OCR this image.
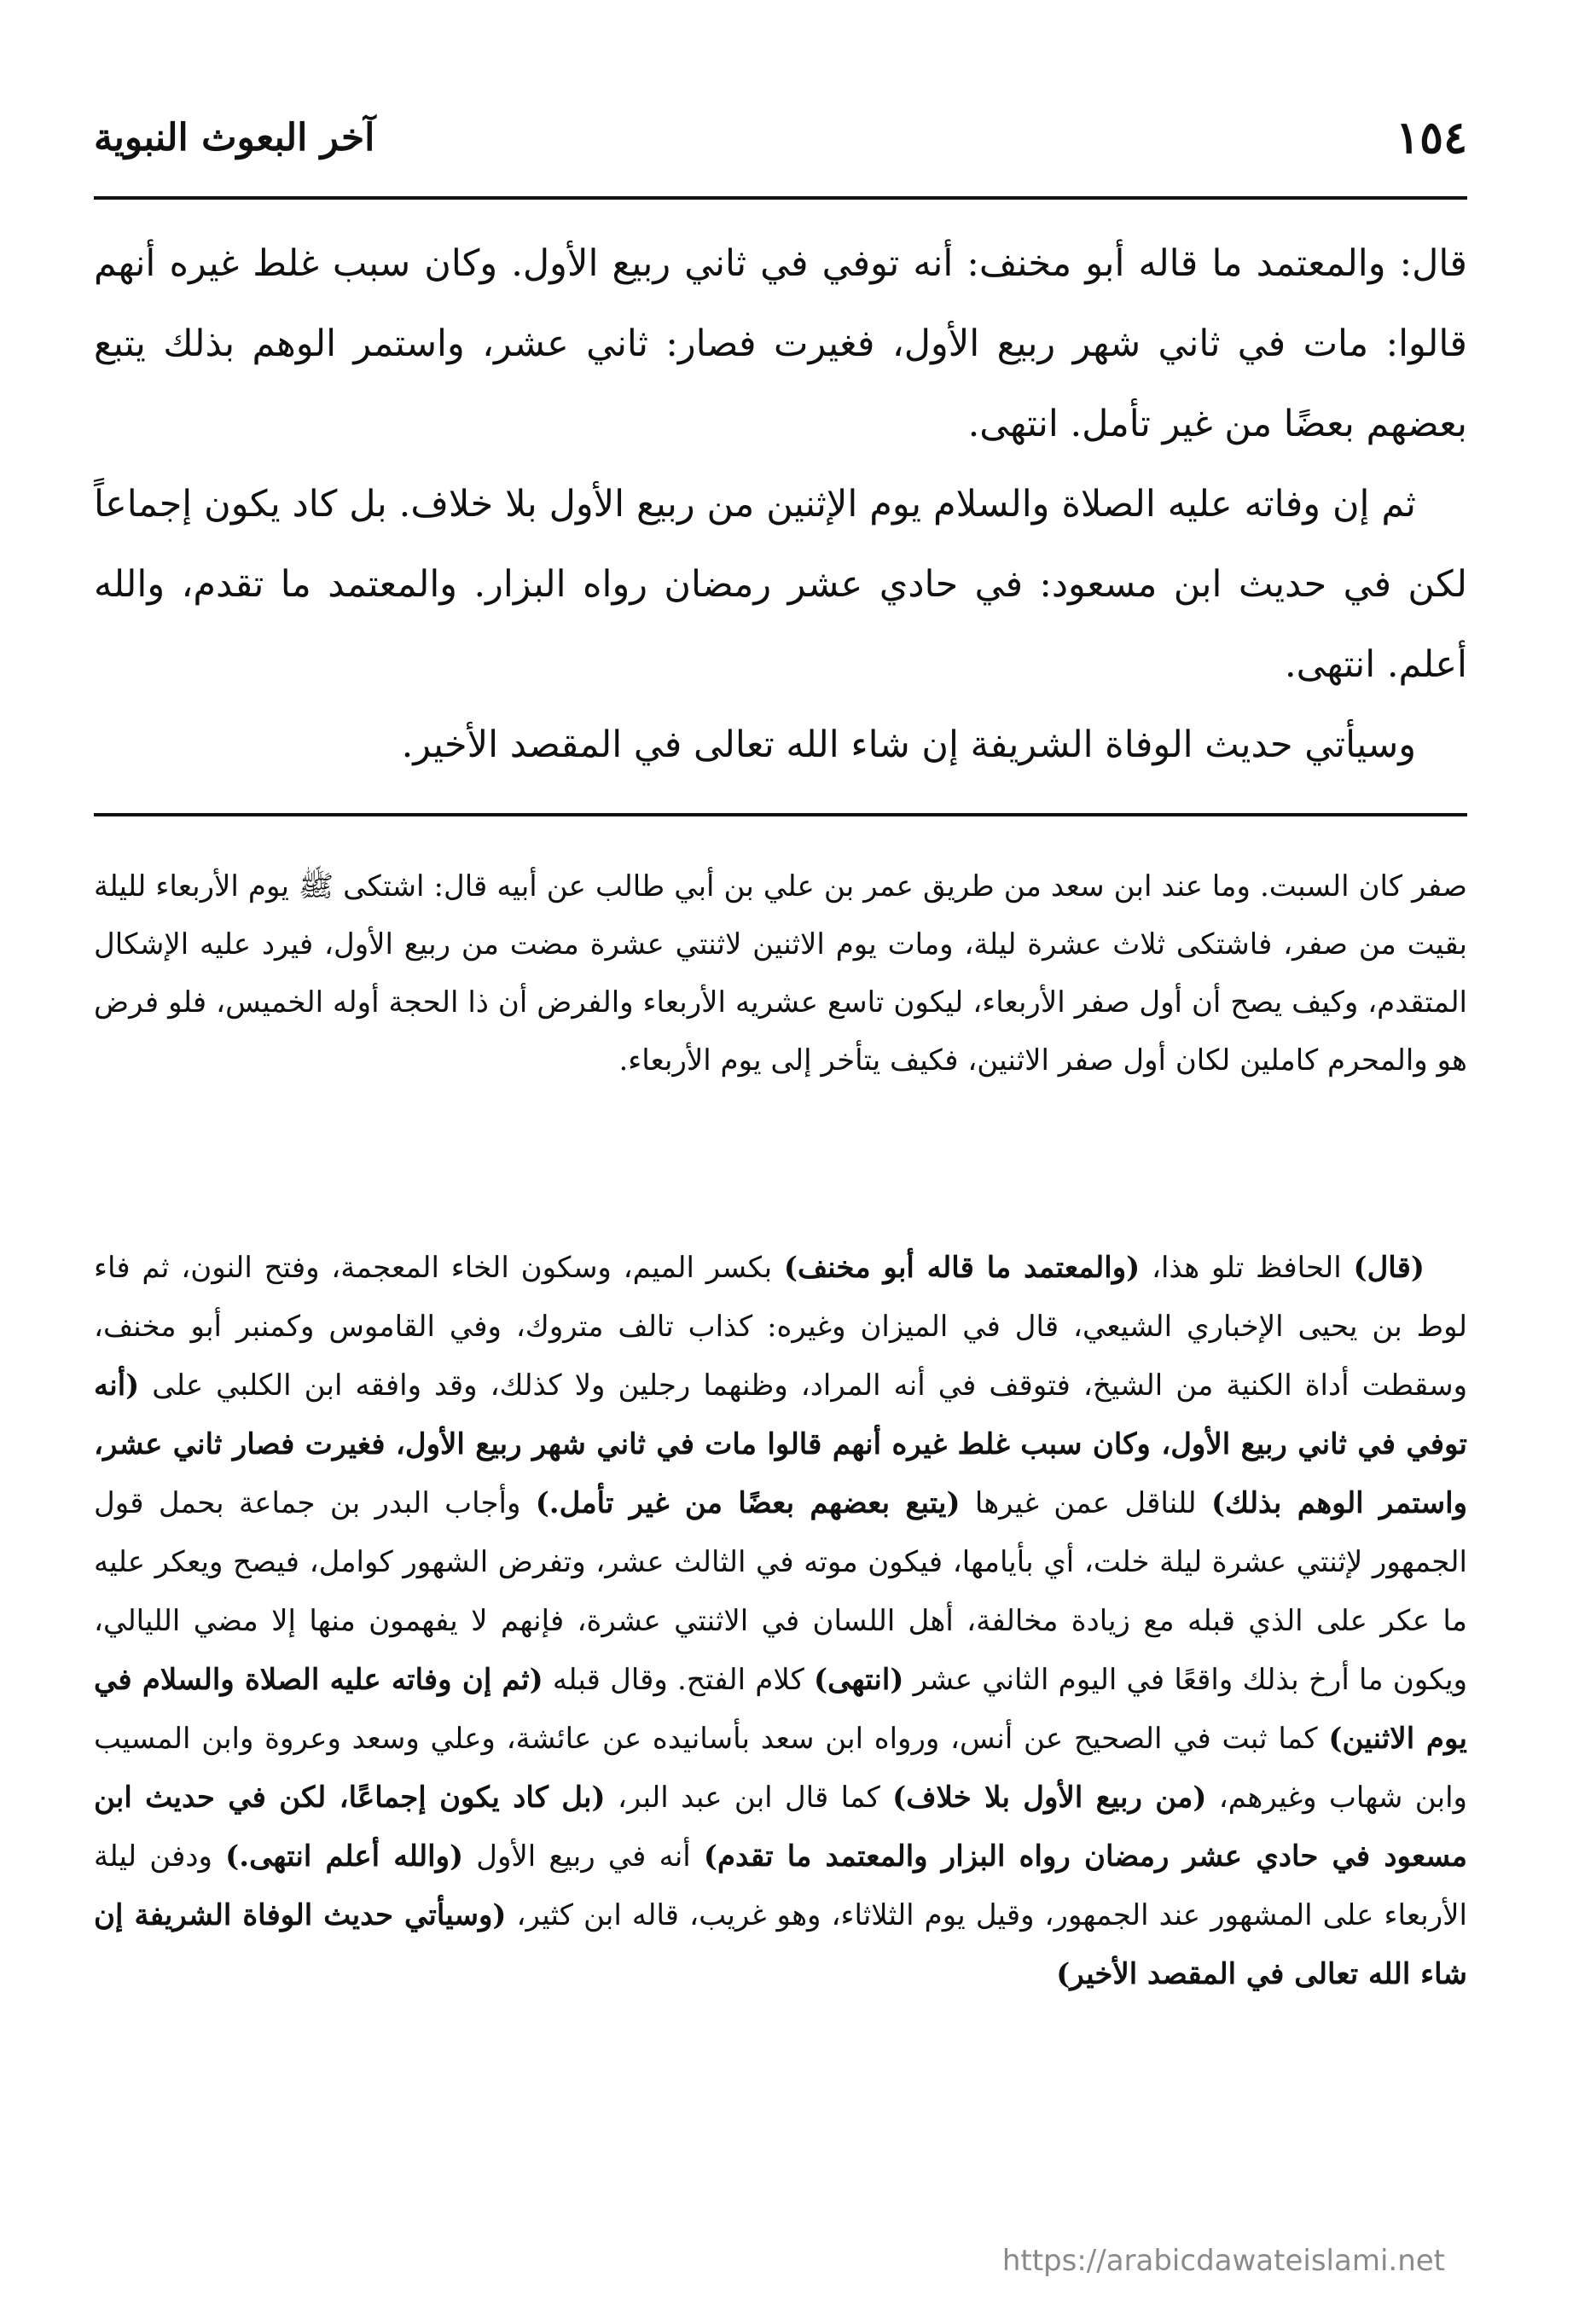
١٥٤
آخر البعوث النبوية

قال: والمعتمد ما قاله أبو مخنف: أنه توفي في ثاني ربيع الأول. وكان سبب غلط غيره أنهم قالوا: مات في ثاني شهر ربيع الأول، فغيرت فصار: ثاني عشر، واستمر الوهم بذلك يتبع بعضهم بعضًا من غير تأمل. انتهى.

ثم إن وفاته عليه الصلاة والسلام يوم الإثنين من ربيع الأول بلا خلاف. بل كاد يكون إجماعاً لكن في حديث ابن مسعود: في حادي عشر رمضان رواه البزار. والمعتمد ما تقدم، والله أعلم. انتهى.

وسيأتي حديث الوفاة الشريفة إن شاء الله تعالى في المقصد الأخير.

صفر كان السبت. وما عند ابن سعد من طريق عمر بن علي بن أبي طالب عن أبيه قال: اشتكى ﷺ يوم الأربعاء لليلة بقيت من صفر، فاشتكى ثلاث عشرة ليلة، ومات يوم الاثنين لاثنتي عشرة مضت من ربيع الأول، فيرد عليه الإشكال المتقدم، وكيف يصح أن أول صفر الأربعاء، ليكون تاسع عشريه الأربعاء والفرض أن ذا الحجة أوله الخميس، فلو فرض هو والمحرم كاملين لكان أول صفر الاثنين، فكيف يتأخر إلى يوم الأربعاء.

(قال) الحافظ تلو هذا، (والمعتمد ما قاله أبو مخنف) بكسر الميم، وسكون الخاء المعجمة، وفتح النون، ثم فاء لوط بن يحيى الإخباري الشيعي، قال في الميزان وغيره: كذاب تالف متروك، وفي القاموس وكمنبر أبو مخنف، وسقطت أداة الكنية من الشيخ، فتوقف في أنه المراد، وظنهما رجلين ولا كذلك، وقد وافقه ابن الكلبي على (أنه توفي في ثاني ربيع الأول، وكان سبب غلط غيره أنهم قالوا مات في ثاني شهر ربيع الأول، فغيرت فصار ثاني عشر، واستمر الوهم بذلك) للناقل عمن غيرها (يتبع بعضهم بعضًا من غير تأمل.) وأجاب البدر بن جماعة بحمل قول الجمهور لإثنتي عشرة ليلة خلت، أي بأيامها، فيكون موته في الثالث عشر، وتفرض الشهور كوامل، فيصح ويعكر عليه ما عكر على الذي قبله مع زيادة مخالفة، أهل اللسان في الاثنتي عشرة، فإنهم لا يفهمون منها إلا مضي الليالي، ويكون ما أرخ بذلك واقعًا في اليوم الثاني عشر (انتهى) كلام الفتح. وقال قبله (ثم إن وفاته عليه الصلاة والسلام في يوم الاثنين) كما ثبت في الصحيح عن أنس، ورواه ابن سعد بأسانيده عن عائشة، وعلي وسعد وعروة وابن المسيب وابن شهاب وغيرهم، (من ربيع الأول بلا خلاف) كما قال ابن عبد البر، (بل كاد يكون إجماعًا، لكن في حديث ابن مسعود في حادي عشر رمضان رواه البزار والمعتمد ما تقدم) أنه في ربيع الأول (والله أعلم انتهى.) ودفن ليلة الأربعاء على المشهور عند الجمهور، وقيل يوم الثلاثاء، وهو غريب، قاله ابن كثير، (وسيأتي حديث الوفاة الشريفة إن شاء الله تعالى في المقصد الأخير)

https://arabicdawateislami.net
